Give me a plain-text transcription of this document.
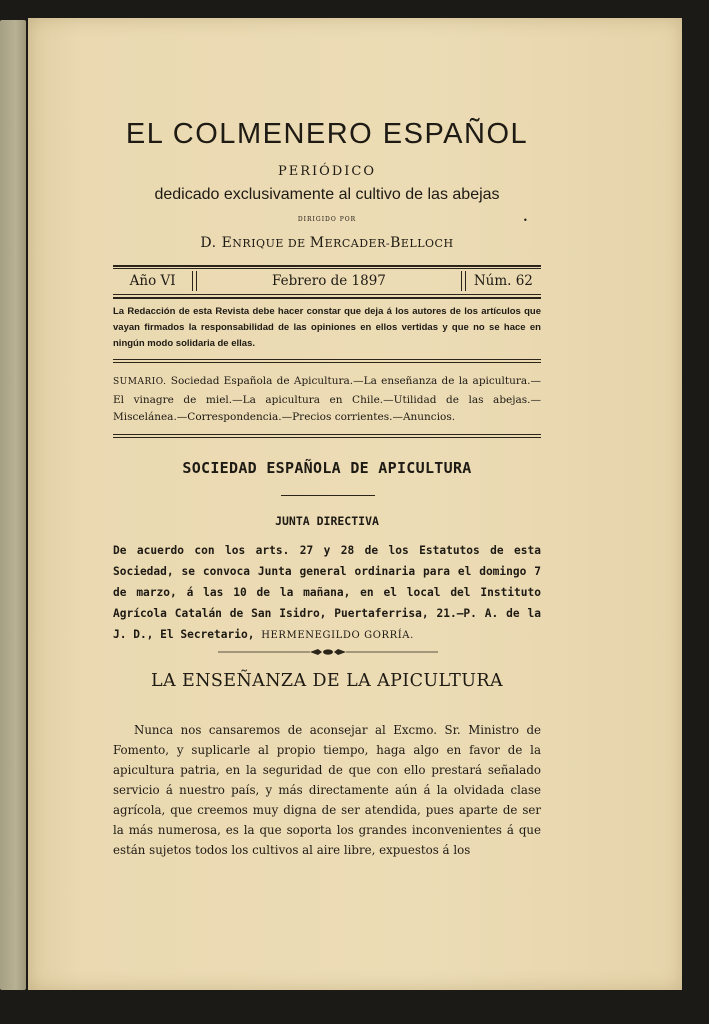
EL COLMENERO ESPAÑOL
PERIÓDICO
dedicado exclusivamente al cultivo de las abejas
DIRIGIDO POR	•
D. ENRIQUE DE MERCADER-BELLOCH
Año VI	Febrero de 1897	Núm. 62
La Redacción de esta Revista debe hacer constar que deja á los autores de los artículos que vayan firmados la responsabilidad de las opiniones en ellos vertidas y que no se hace en ningún modo solidaria de ellas.
SUMARIO. Sociedad Española de Apicultura.—La enseñanza de la apicultura.—El vinagre de miel.—La apicultura en Chile.—Utilidad de las abejas.—Miscelánea.—Correspondencia.—Precios corrientes.—Anuncios.
SOCIEDAD ESPAÑOLA DE APICULTURA
JUNTA DIRECTIVA
De acuerdo con los arts. 27 y 28 de los Estatutos de esta Sociedad, se convoca Junta general ordinaria para el domingo 7 de marzo, á las 10 de la mañana, en el local del Instituto Agrícola Catalán de San Isidro, Puertaferrisa, 21.—P. A. de la J. D., El Secretario, HERMENEGILDO GORRÍA.
LA ENSEÑANZA DE LA APICULTURA
Nunca nos cansaremos de aconsejar al Excmo. Sr. Ministro de Fomento, y suplicarle al propio tiempo, haga algo en favor de la apicultura patria, en la seguridad de que con ello prestará señalado servicio á nuestro país, y más directamente aún á la olvidada clase agrícola, que creemos muy digna de ser atendida, pues aparte de ser la más numerosa, es la que soporta los grandes inconvenientes á que están sujetos todos los cultivos al aire libre, expuestos á los
